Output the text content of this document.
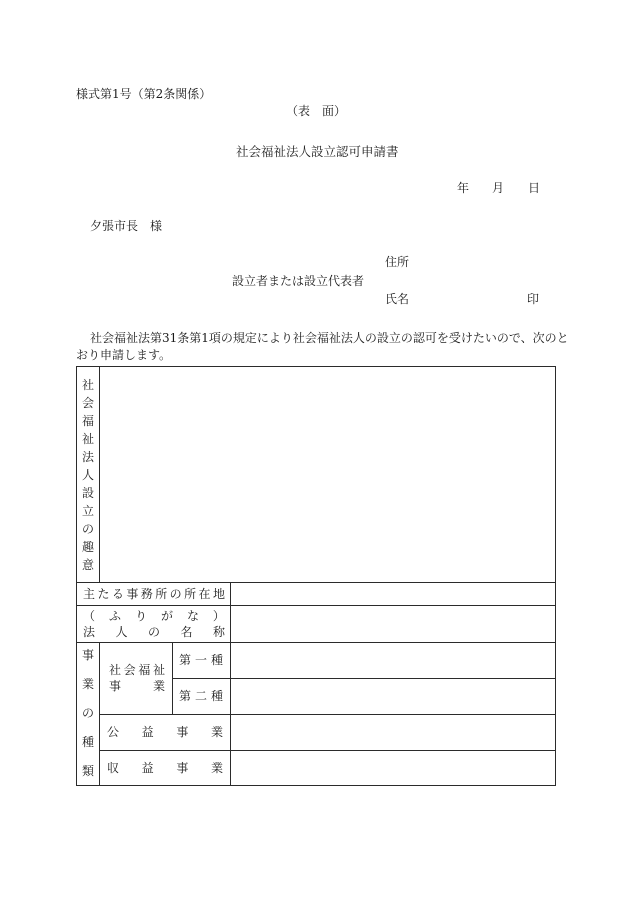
様式第1号（第2条関係）
（表　面）
社会福祉法人設立認可申請書
年 月 日
夕張市長　様
住所
設立者または設立代表者
氏名	印
社会福祉法第31条第1項の規定により社会福祉法人の設立の認可を受けたいので、次のと
おり申請します。
社
会
福
祉
法
人
設
立
の
趣
意
主 た る 事 務 所 の 所 在 地
（ ふ り が な ）
法 人 の 名 称
事
業
の
種
類
社 会 福 祉
事	業
第 一 種
第 二 種
公 益 事 業
収 益 事 業
